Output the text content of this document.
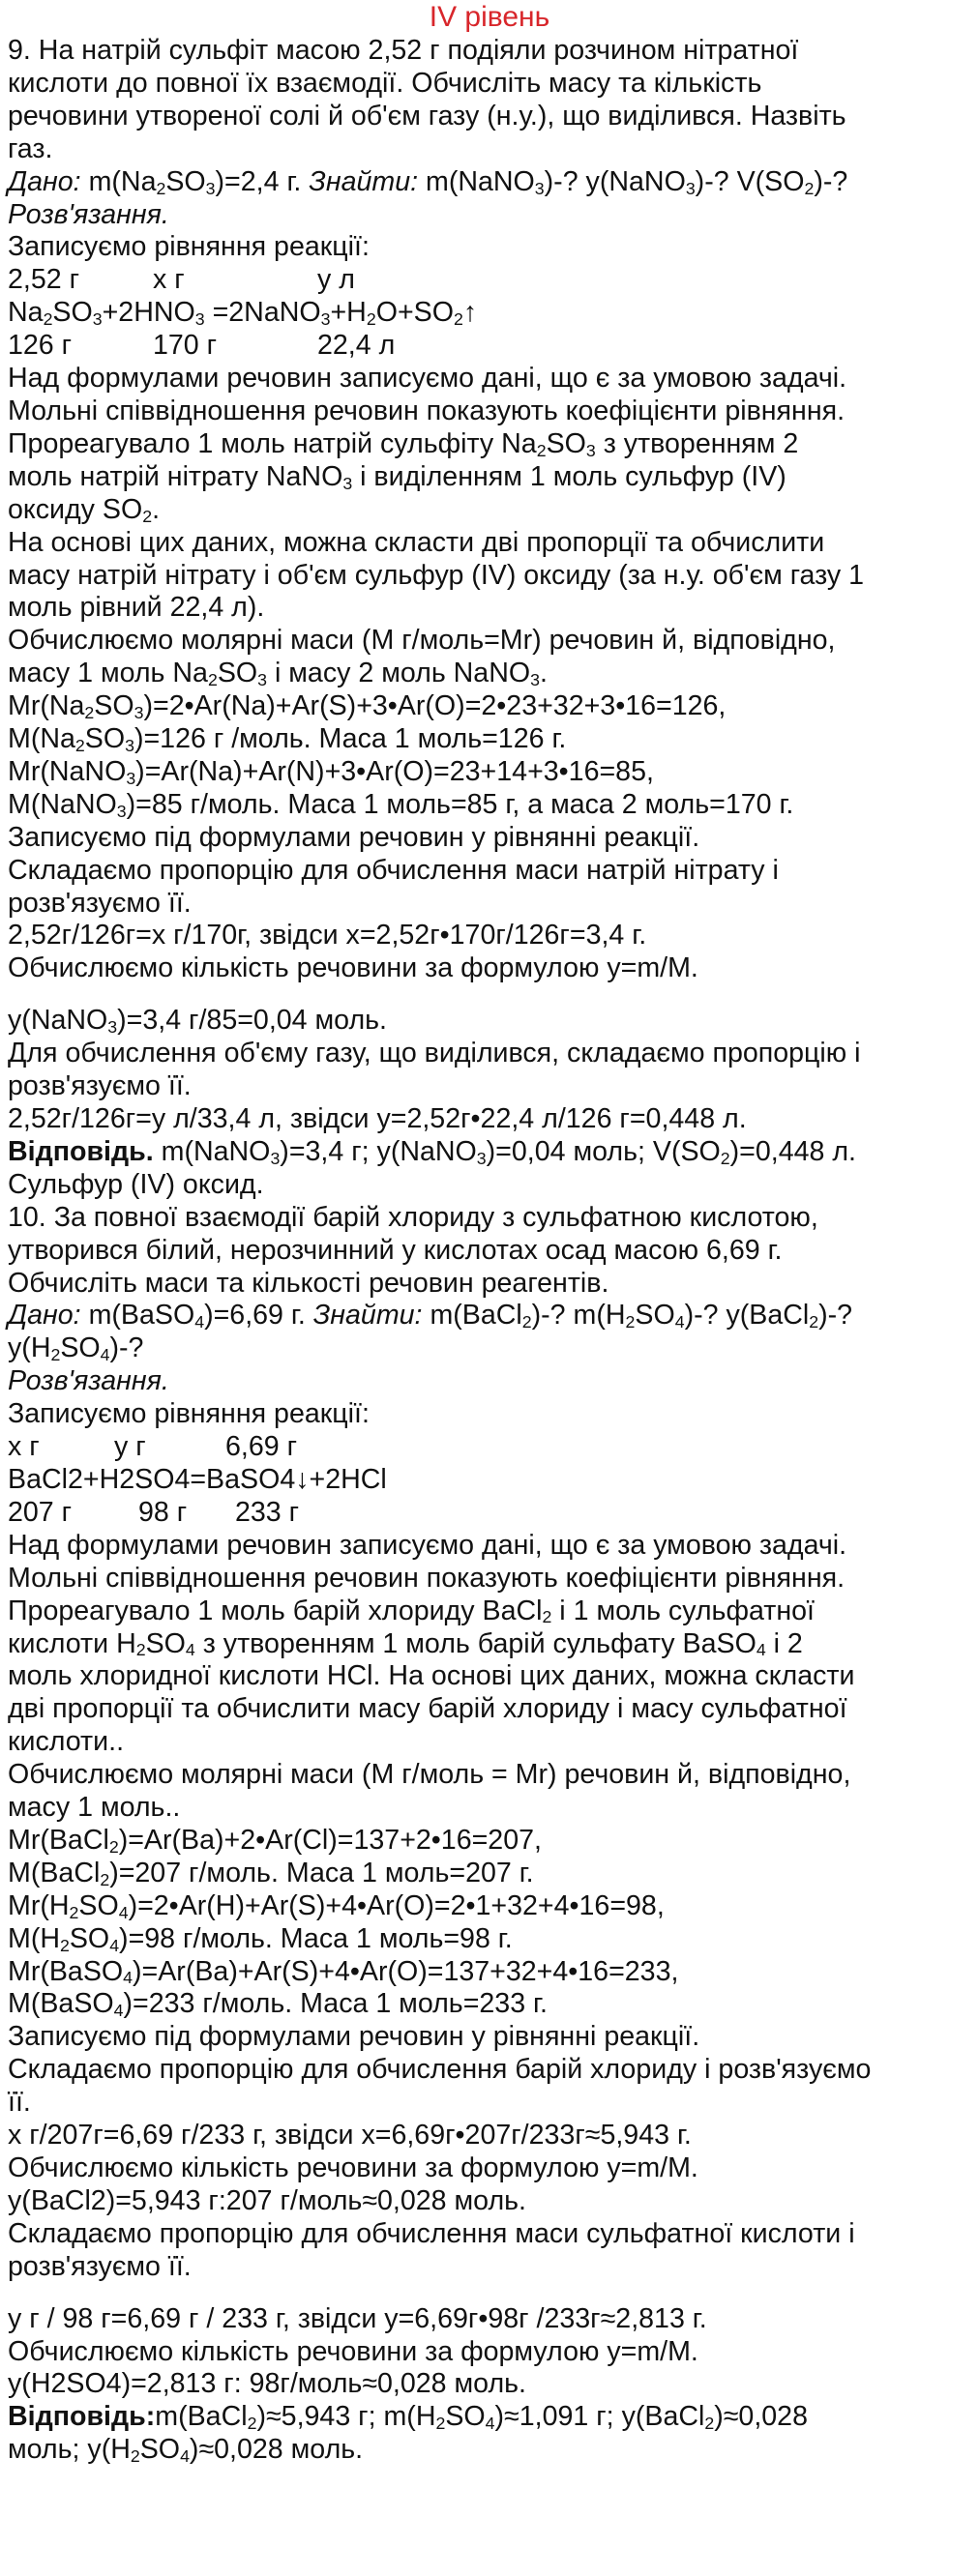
IV рівень
9. На натрій сульфіт масою 2,52 г подіяли розчином нітратної
кислоти до повної їх взаємодії. Обчисліть масу та кількість
речовини утвореної солі й об'єм газу (н.у.), що виділився. Назвіть
газ.
Дано: $m(Na_2SO_3)=2,4$ г. Знайти: m(NaNO$_3$)-? y(NaNO$_3$)-? $V(SO_2)-$?
Розв'язання.
Записуємо рівняння реакції:
2,52 г	x г	y л
$Na_2SO_3+2HNO_3$ $=2NaNO_3+H_2O+SO_2↑$
126 г	170 г	22,4 л
Над формулами речовин записуємо дані, що є за умовою задачі.
Мольні співвідношення речовин показують коефіцієнти рівняння.
Прореагувало 1 моль натрій сульфіту $Na_2SO_3$ з утворенням 2
моль натрій нітрату NaNO$_3$ і виділенням 1 моль сульфур (IV)
оксиду $SO_2$.
На основі цих даних, можна скласти дві пропорції та обчислити
масу натрій нітрату і об'єм сульфур (IV) оксиду (за н.у. об'єм газу 1
моль рівний 22,4 л).
Обчислюємо молярні маси (M г/моль=Mr) речовин й, відповідно,
масу 1 моль $Na_2SO_3$ і масу 2 моль NaNO$_3$.
$Mr(Na_2SO_3)=2•Ar(Na)+Ar(S)+3•Ar(O)=2•23+32+3•16=126$,
$M(Na_2SO_3)=126$ г /моль. Маса 1 моль=126 г.
Mr(NaNO$_3$)=Ar(Na)+Ar(N)+3•Ar(O)=23+14+3•16=85,
M(NaNO$_3$)=85 г/моль. Маса 1 моль=85 г, а маса 2 моль=170 г.
Записуємо під формулами речовин у рівнянні реакції.
Складаємо пропорцію для обчислення маси натрій нітрату і
розв'язуємо її.
2,52г/126г=х г/170г, звідси х=2,52г•170г/126г=3,4 г.
Обчислюємо кількість речовини за формулою y=m/M.
y(NaNO$_3$)=3,4 г/85=0,04 моль.
Для обчислення об'єму газу, що виділився, складаємо пропорцію і
розв'язуємо її.
2,52г/126г=у л/33,4 л, звідси у=2,52г•22,4 л/126 г=0,448 л.
Відповідь. m(NaNO$_3$)=3,4 г; y(NaNO$_3$)=0,04 моль; $V(SO_2)=0,448$ л.
Сульфур (IV) оксид.
10. За повної взаємодії барій хлориду з сульфатною кислотою,
утворився білий, нерозчинний у кислотах осад масою 6,69 г.
Обчисліть маси та кількості речовин реагентів.
Дано: m(BaSO$_4$)=6,69 г. Знайти: m(BaCl$_2$)-? $m(H_2SO_4)-$? y(BaCl$_2$)-?
$y(H_2SO_4)-$?
Розв'язання.
Записуємо рівняння реакції:
х г	у г	6,69 г
BaCl2+H2SO4=BaSO4↓+2HCl
207 г 98 г 233 г
Над формулами речовин записуємо дані, що є за умовою задачі.
Мольні співвідношення речовин показують коефіцієнти рівняння.
Прореагувало 1 моль барій хлориду BaCl$_2$ і 1 моль сульфатної
кислоти $H_2SO_4$ з утворенням 1 моль барій сульфату BaSO$_4$ і 2
моль хлоридної кислоти HCl. На основі цих даних, можна скласти
дві пропорції та обчислити масу барій хлориду і масу сульфатної
кислоти..
Обчислюємо молярні маси (M г/моль = Mr) речовин й, відповідно,
масу 1 моль..
Mr(BaCl$_2$)=Ar(Ba)+2•Ar(Cl)=137+2•16=207,
M(BaCl$_2$)=207 г/моль. Маса 1 моль=207 г.
$Mr(H_2SO_4)=2•Ar(H)+Ar(S)+4•Ar(O)=2•1+32+4•16=98$,
$M(H_2SO_4)=98$ г/моль. Маса 1 моль=98 г.
Mr(BaSO$_4$)=Ar(Ba)+Ar(S)+4•Ar(O)=137+32+4•16=233,
M(BaSO$_4$)=233 г/моль. Маса 1 моль=233 г.
Записуємо під формулами речовин у рівнянні реакції.
Складаємо пропорцію для обчислення барій хлориду і розв'язуємо
її.
х г/207г=6,69 г/233 г, звідси х=6,69г•207г/233г≈5,943 г.
Обчислюємо кількість речовини за формулою y=m/M.
y(BaCl2)=5,943 г:207 г/моль≈0,028 моль.
Складаємо пропорцію для обчислення маси сульфатної кислоти і
розв'язуємо її.
у г / 98 г=6,69 г / 233 г, звідси у=6,69г•98г /233г≈2,813 г.
Обчислюємо кількість речовини за формулою y=m/M.
y(H2SO4)=2,813 г: 98г/моль≈0,028 моль.
Відповідь:m(BaCl$_2$)≈5,943 г; $m(H_2SO_4)\approx 1,091$ г; y(BaCl$_2$)≈0,028
моль; $y(H_2SO_4)\approx 0,028$ моль.
